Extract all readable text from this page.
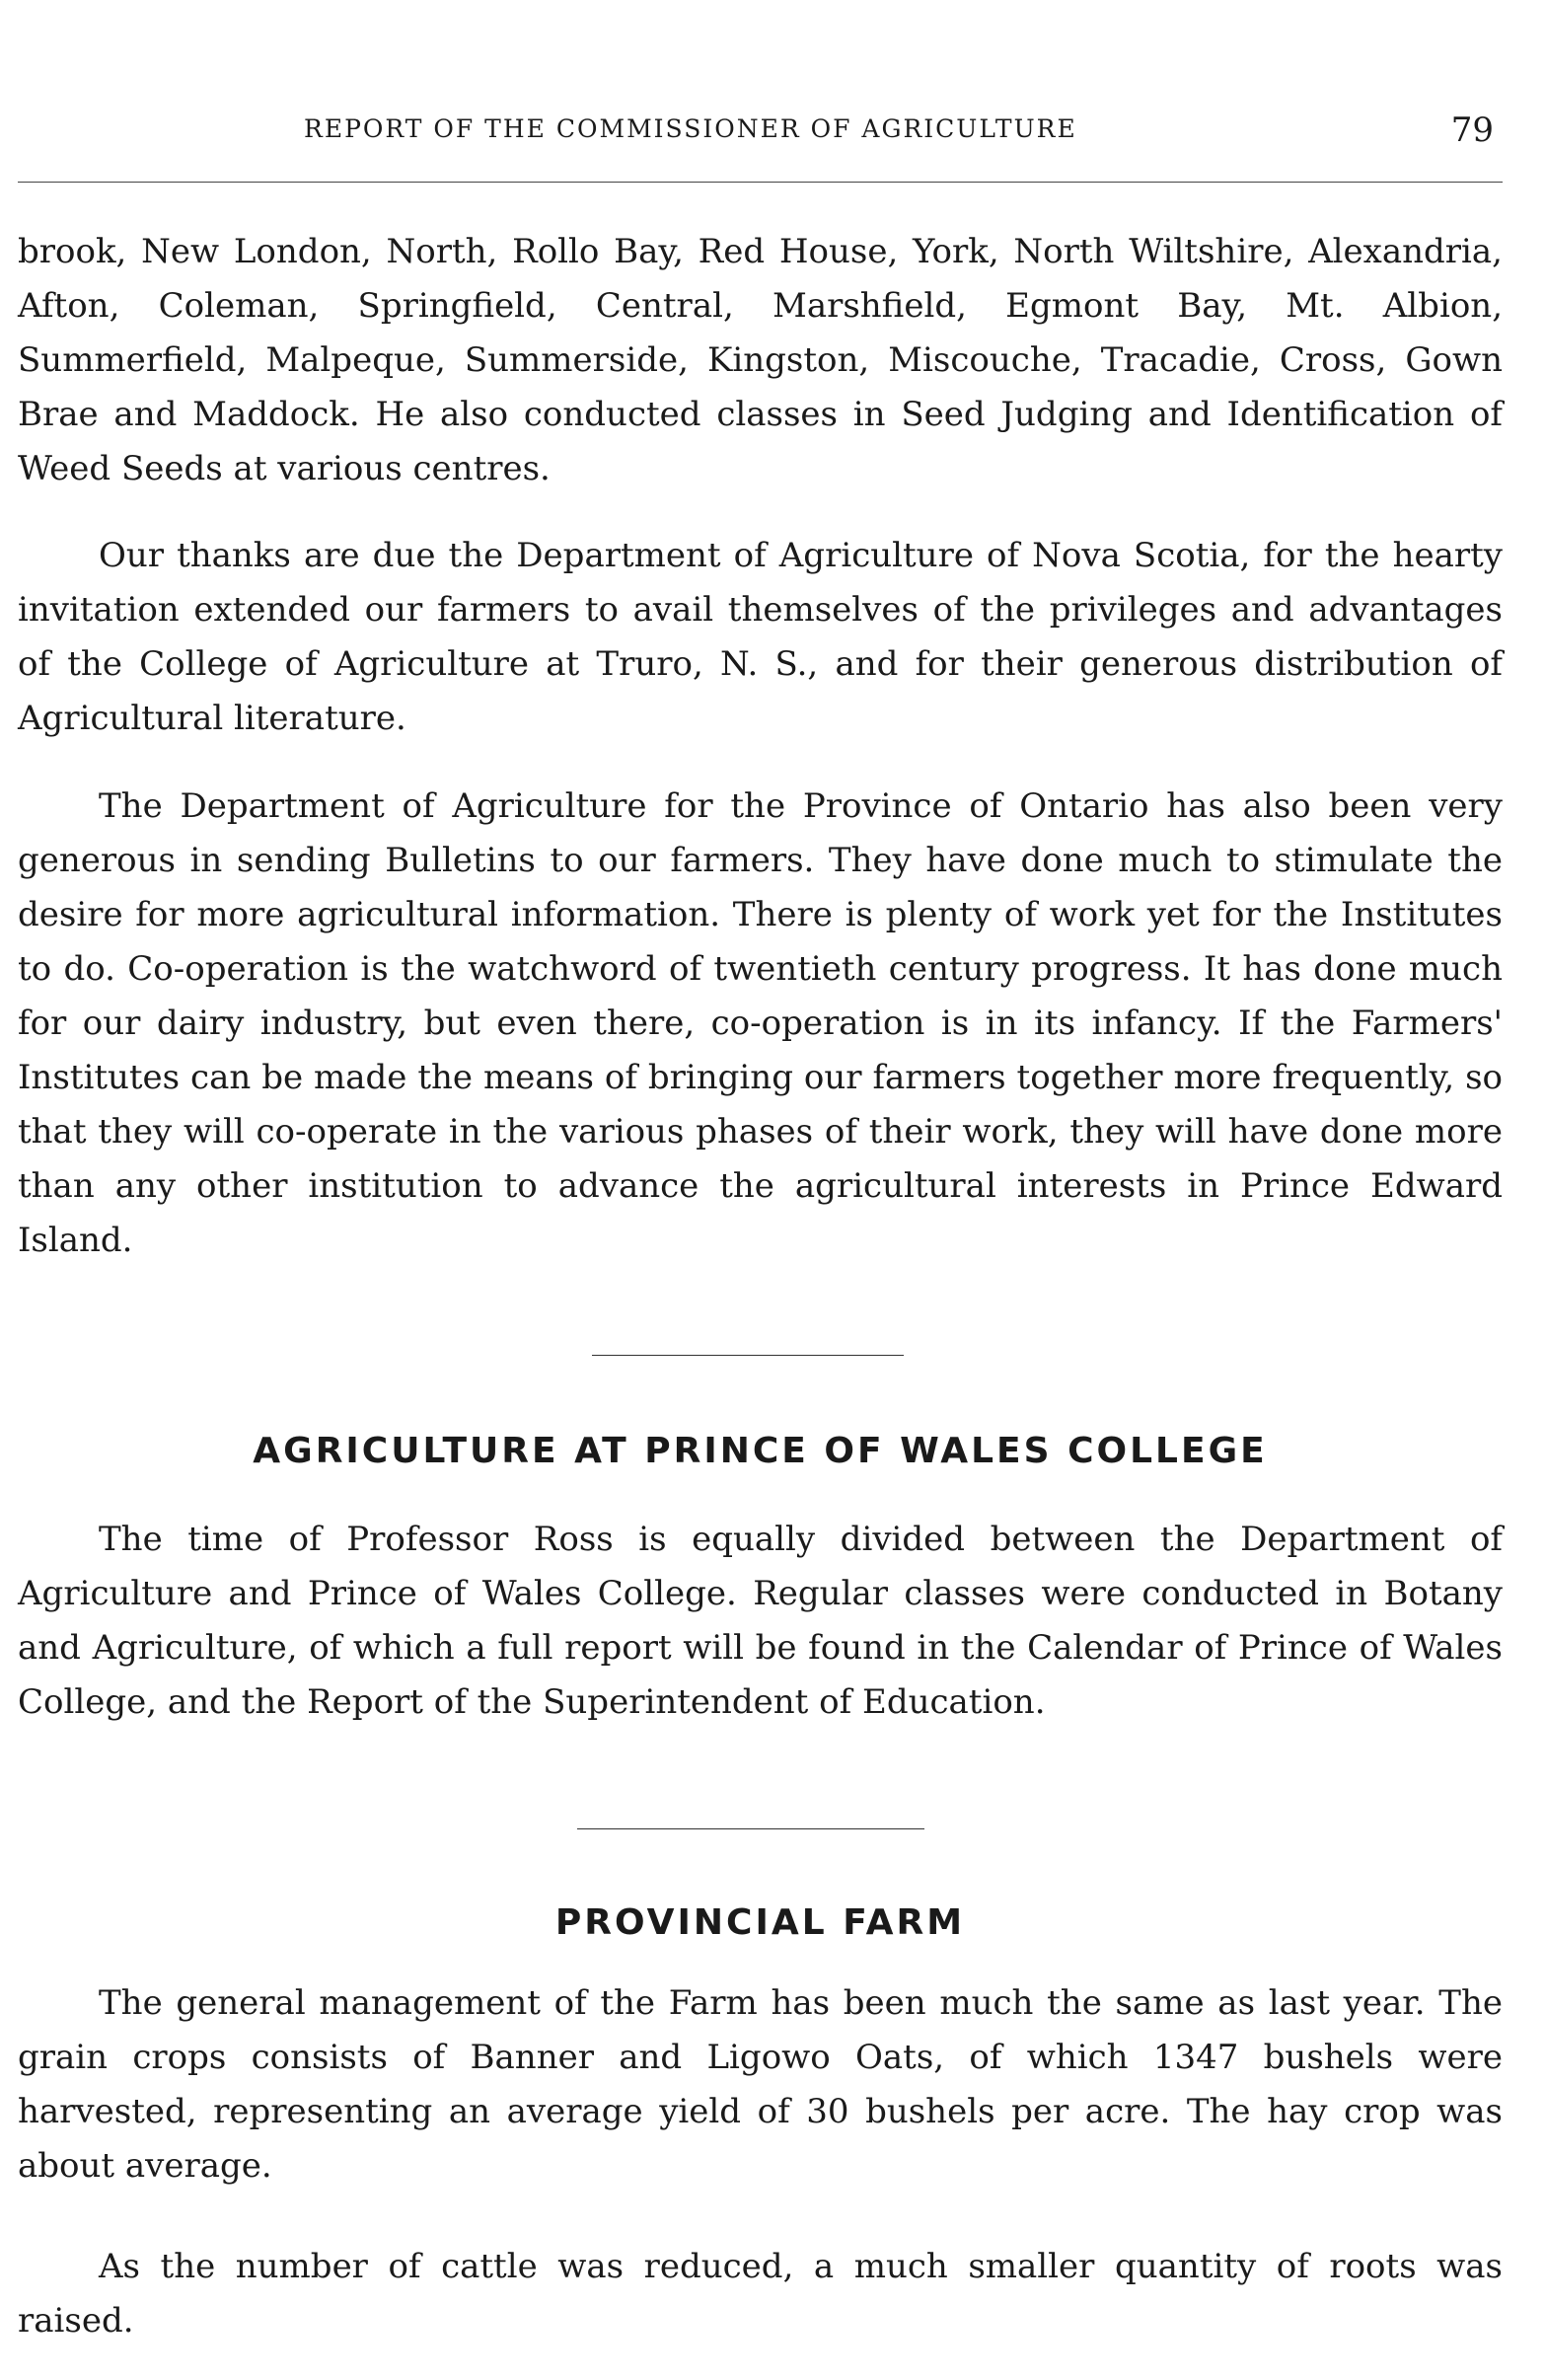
REPORT OF THE COMMISSIONER OF AGRICULTURE	79

brook, New London, North, Rollo Bay, Red House, York, North Wiltshire, Alexandria, Afton, Coleman, Springfield, Central, Marshfield, Egmont Bay, Mt. Albion, Summerfield, Malpeque, Summerside, Kingston, Miscouche, Tracadie, Cross, Gown Brae and Maddock. He also conducted classes in Seed Judging and Identification of Weed Seeds at various centres.

Our thanks are due the Department of Agriculture of Nova Scotia, for the hearty invitation extended our farmers to avail themselves of the privileges and advantages of the College of Agriculture at Truro, N. S., and for their generous distribution of Agricultural literature.

The Department of Agriculture for the Province of Ontario has also been very generous in sending Bulletins to our farmers. They have done much to stimulate the desire for more agricultural information. There is plenty of work yet for the Institutes to do. Co-operation is the watchword of twentieth century progress. It has done much for our dairy industry, but even there, co-operation is in its infancy. If the Farmers' Institutes can be made the means of bringing our farmers together more frequently, so that they will co-operate in the various phases of their work, they will have done more than any other institution to advance the agricultural interests in Prince Edward Island.

AGRICULTURE AT PRINCE OF WALES COLLEGE

The time of Professor Ross is equally divided between the Department of Agriculture and Prince of Wales College. Regular classes were conducted in Botany and Agriculture, of which a full report will be found in the Calendar of Prince of Wales College, and the Report of the Superintendent of Education.

PROVINCIAL FARM

The general management of the Farm has been much the same as last year. The grain crops consists of Banner and Ligowo Oats, of which 1347 bushels were harvested, representing an average yield of 30 bushels per acre. The hay crop was about average.

As the number of cattle was reduced, a much smaller quantity of roots was raised.
